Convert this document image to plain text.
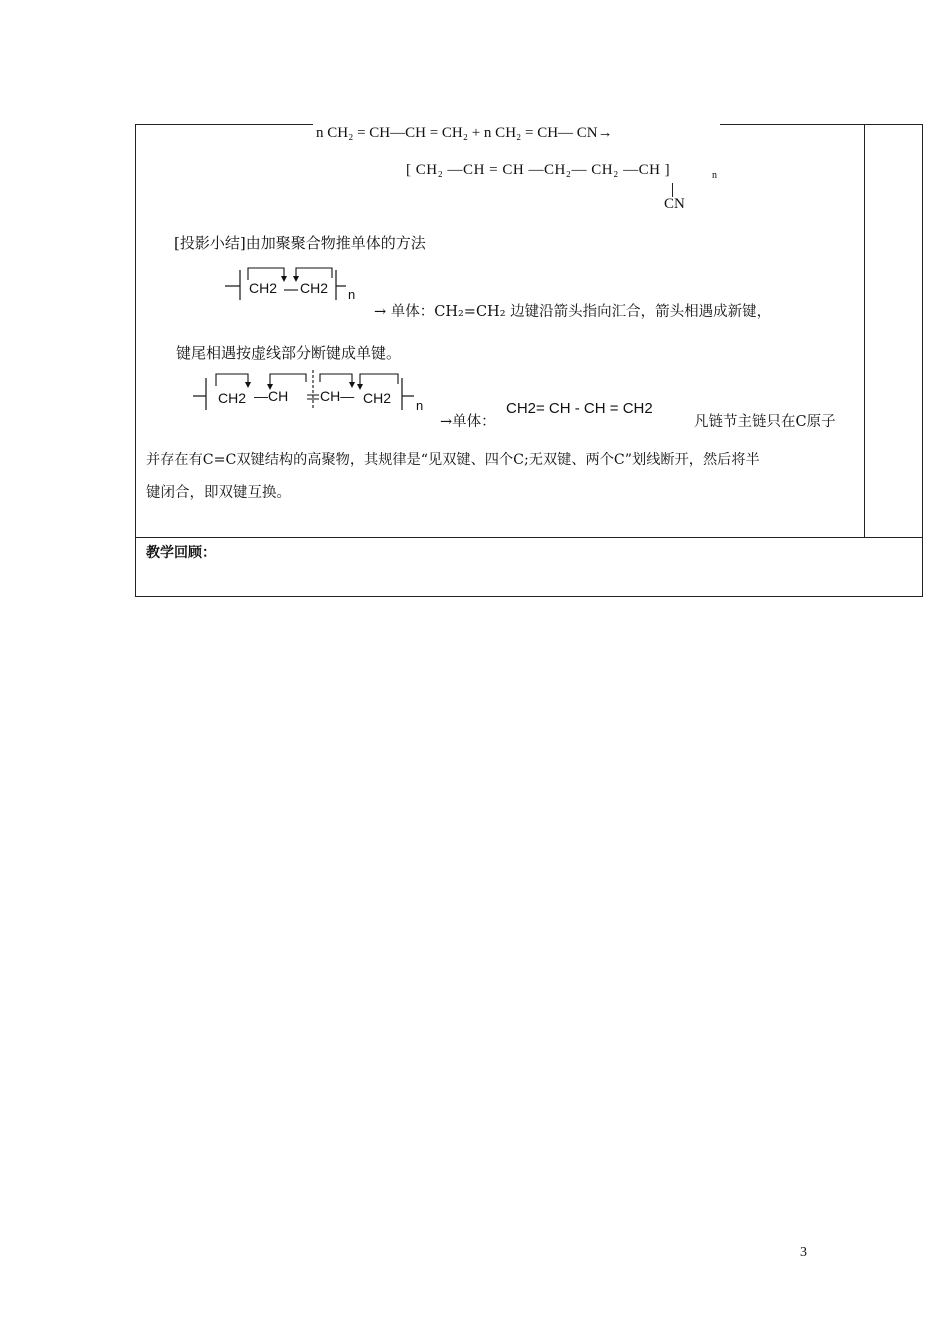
n CH₂ = CH—CH = CH₂ + n CH₂ = CH— CN→
[ CH₂ —CH = CH —CH₂— CH₂ —CH ]	n
CN
[投影小结]由加聚聚合物推单体的方法
CH2 CH2 n
→ 单体：CH₂=CH₂ 边键沿箭头指向汇合，箭头相遇成新键，
键尾相遇按虚线部分断键成单键。
CH2 —CH CH— CH2 n
→单体：
CH2= CH - CH = CH2
凡链节主链只在C原子
并存在有C=C双键结构的高聚物，其规律是“见双键、四个C;无双键、两个C”划线断开，然后将半
键闭合，即双键互换。
教学回顾：
3
